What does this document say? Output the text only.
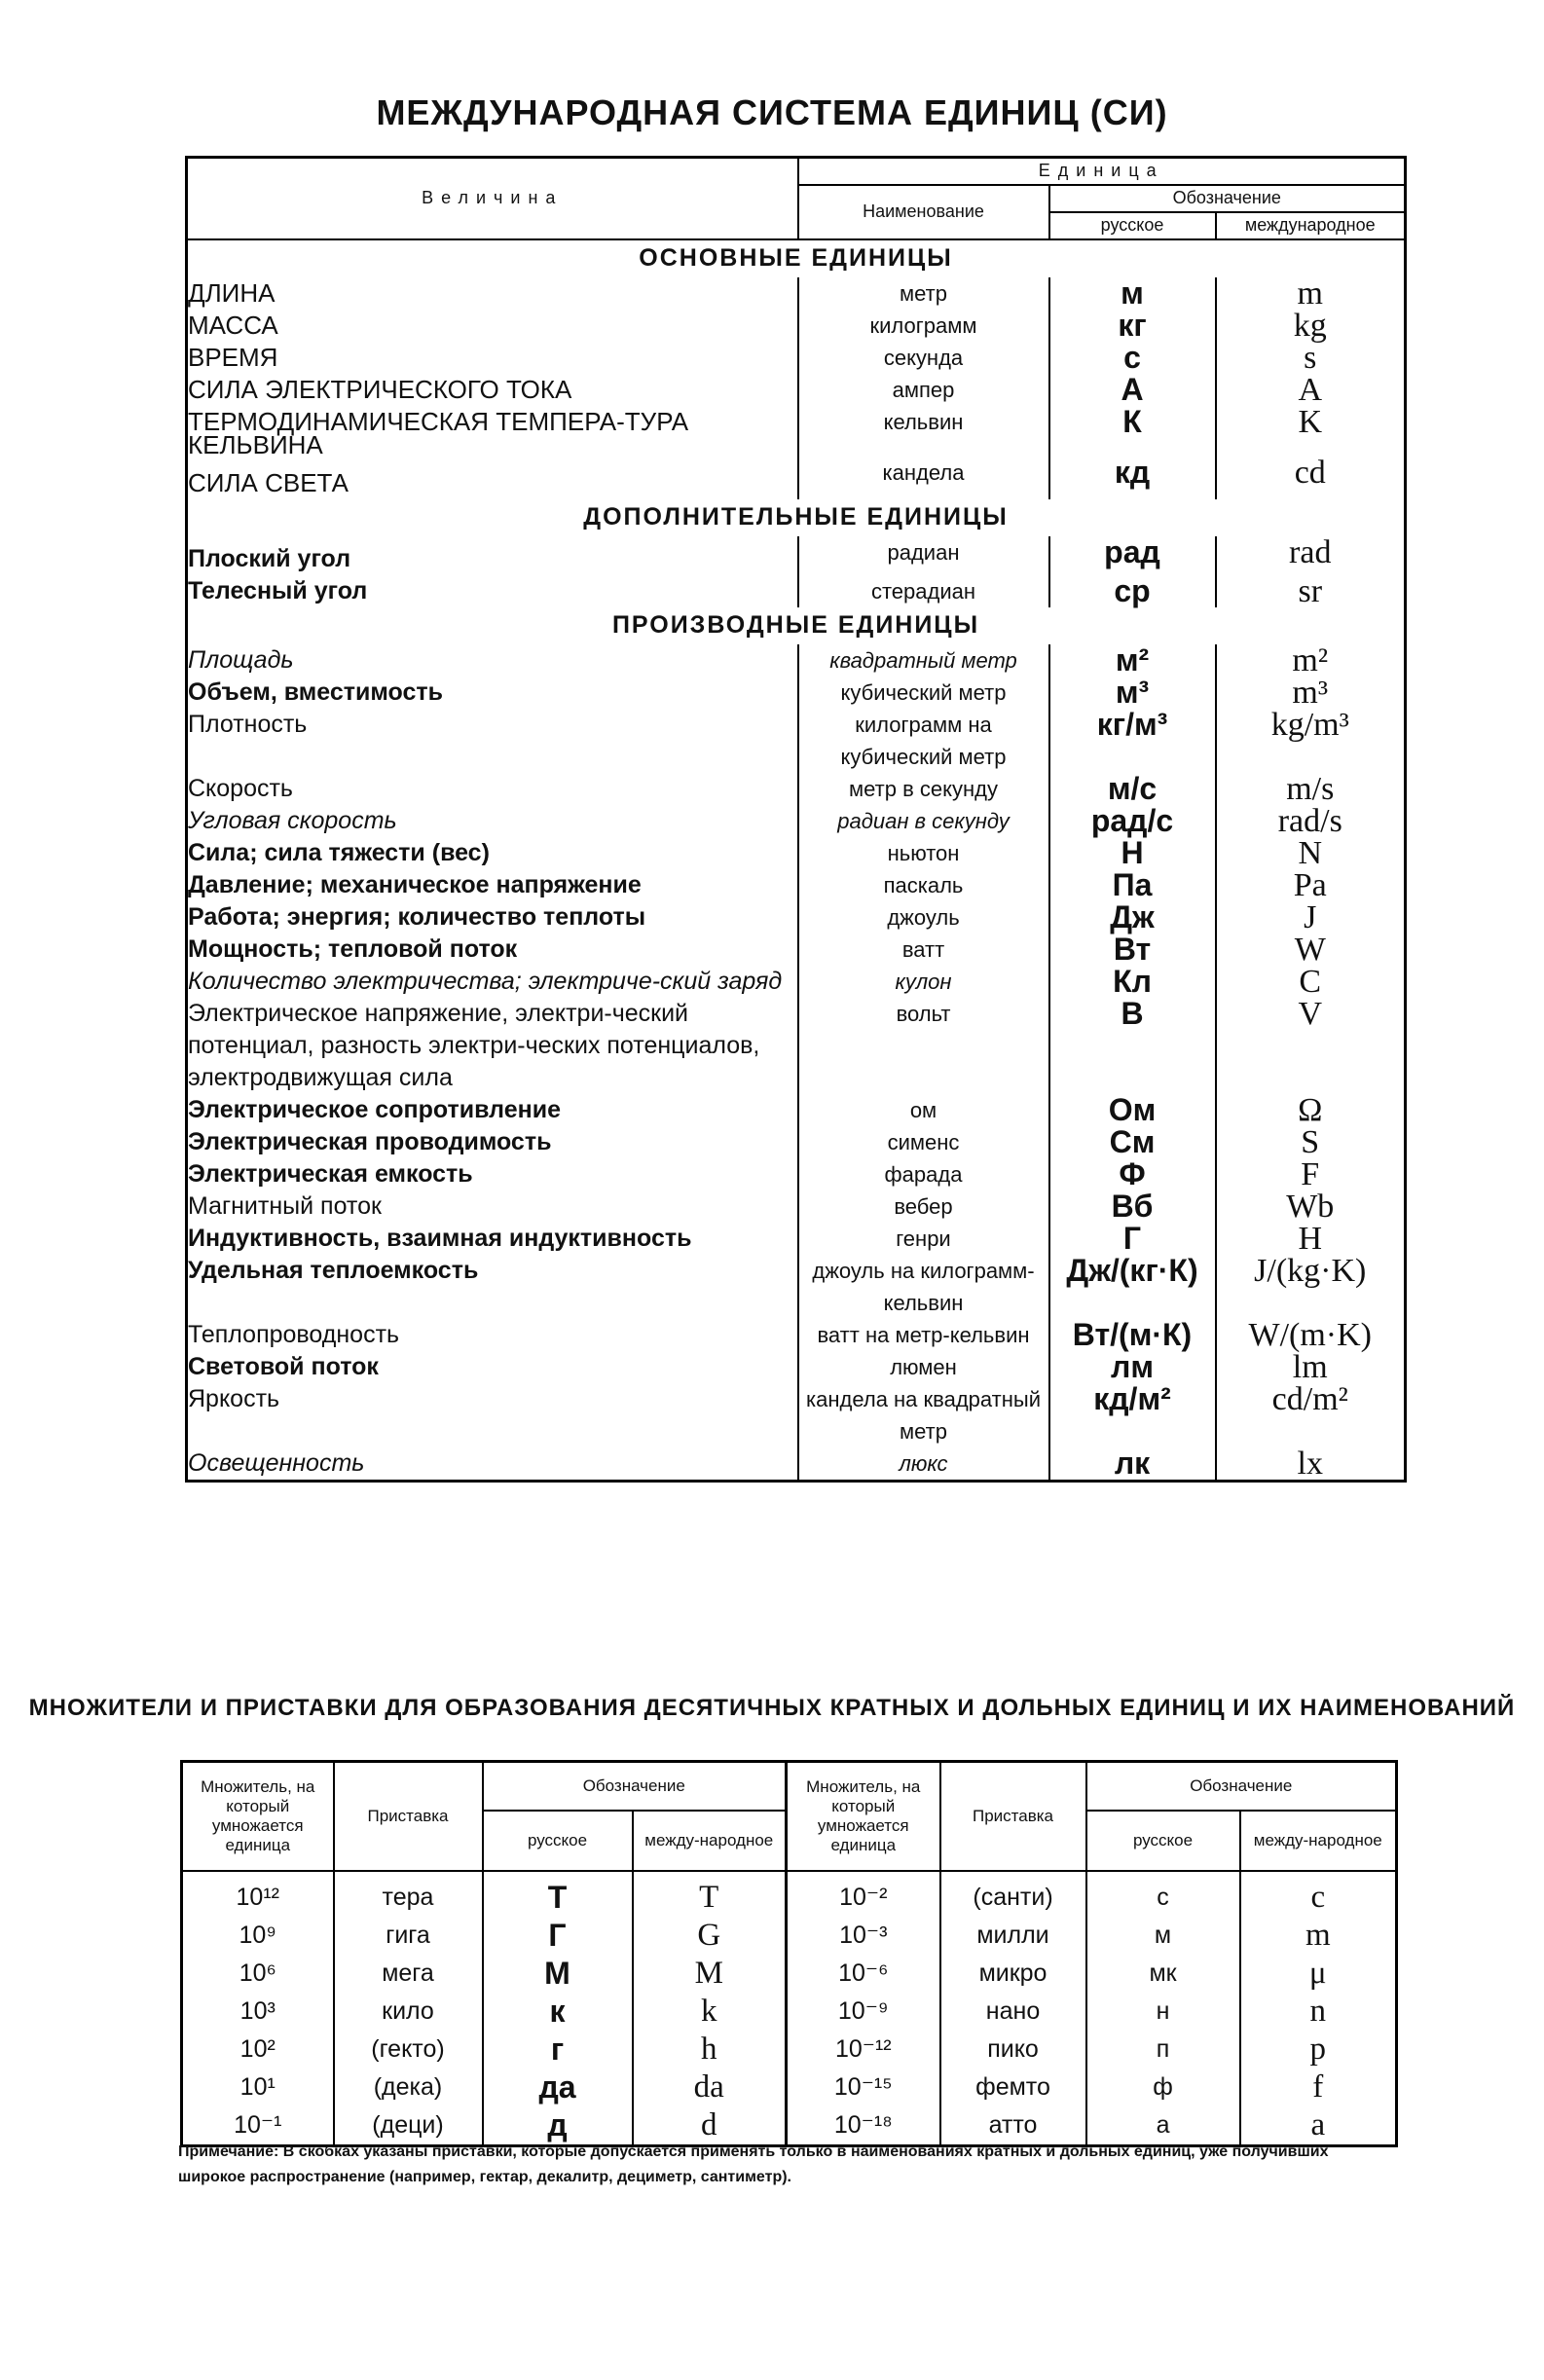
МЕЖДУНАРОДНАЯ СИСТЕМА ЕДИНИЦ (СИ)
Величина	Единица		
	Наименование	Обозначение	
		русское	международное
ОСНОВНЫЕ ЕДИНИЦЫ			
ДЛИНА	метр	м	m
МАССА	килограмм	кг	kg
ВРЕМЯ	секунда	с	s
СИЛА ЭЛЕКТРИЧЕСКОГО ТОКА	ампер	А	A
ТЕРМОДИНАМИЧЕСКАЯ ТЕМПЕРА-ТУРА КЕЛЬВИНА	кельвин	К	K
СИЛА СВЕТА	кандела	кд	cd
ДОПОЛНИТЕЛЬНЫЕ ЕДИНИЦЫ			
Плоский угол	радиан	рад	rad
Телесный угол	стерадиан	ср	sr
ПРОИЗВОДНЫЕ ЕДИНИЦЫ			
Площадь	квадратный метр	м²	m²
Объем, вместимость	кубический метр	м³	m³
Плотность	килограмм на кубический метр	кг/м³	kg/m³
Скорость	метр в секунду	м/с	m/s
Угловая скорость	радиан в секунду	рад/с	rad/s
Сила; сила тяжести (вес)	ньютон	Н	N
Давление; механическое напряжение	паскаль	Па	Pa
Работа; энергия; количество теплоты	джоуль	Дж	J
Мощность; тепловой поток	ватт	Вт	W
Количество электричества; электриче-ский заряд	кулон	Кл	C
Электрическое напряжение, электри-ческий потенциал, разность электри-ческих потенциалов, электродвижущая сила	вольт	В	V
Электрическое сопротивление	ом	Ом	Ω
Электрическая проводимость	сименс	См	S
Электрическая емкость	фарада	Ф	F
Магнитный поток	вебер	Вб	Wb
Индуктивность, взаимная индуктивность	генри	Г	H
Удельная теплоемкость	джоуль на килограмм-кельвин	Дж/(кг·К)	J/(kg·K)
Теплопроводность	ватт на метр-кельвин	Вт/(м·К)	W/(m·K)
Световой поток	люмен	лм	lm
Яркость	кандела на квадратный метр	кд/м²	cd/m²
Освещенность	люкс	лк	lx
МНОЖИТЕЛИ И ПРИСТАВКИ ДЛЯ ОБРАЗОВАНИЯ ДЕСЯТИЧНЫХ КРАТНЫХ И ДОЛЬНЫХ ЕДИНИЦ И ИХ НАИМЕНОВАНИЙ
Множитель, на который умножается единица	Приставка	Обозначение		Множитель, на который умножается единица	Приставка	Обозначение	
		русское	между-народное			русское	между-народное
10¹²	тера	Т	T	10⁻²	(санти)	с	c
10⁹	гига	Г	G	10⁻³	милли	м	m
10⁶	мега	М	M	10⁻⁶	микро	мк	μ
10³	кило	к	k	10⁻⁹	нано	н	n
10²	(гекто)	г	h	10⁻¹²	пико	п	p
10¹	(дека)	да	da	10⁻¹⁵	фемто	ф	f
10⁻¹	(деци)	д	d	10⁻¹⁸	атто	а	a
Примечание: В скобках указаны приставки, которые допускается применять только в наименованиях кратных и дольных единиц, уже получивших широкое распространение (например, гектар, декалитр, дециметр, сантиметр).
